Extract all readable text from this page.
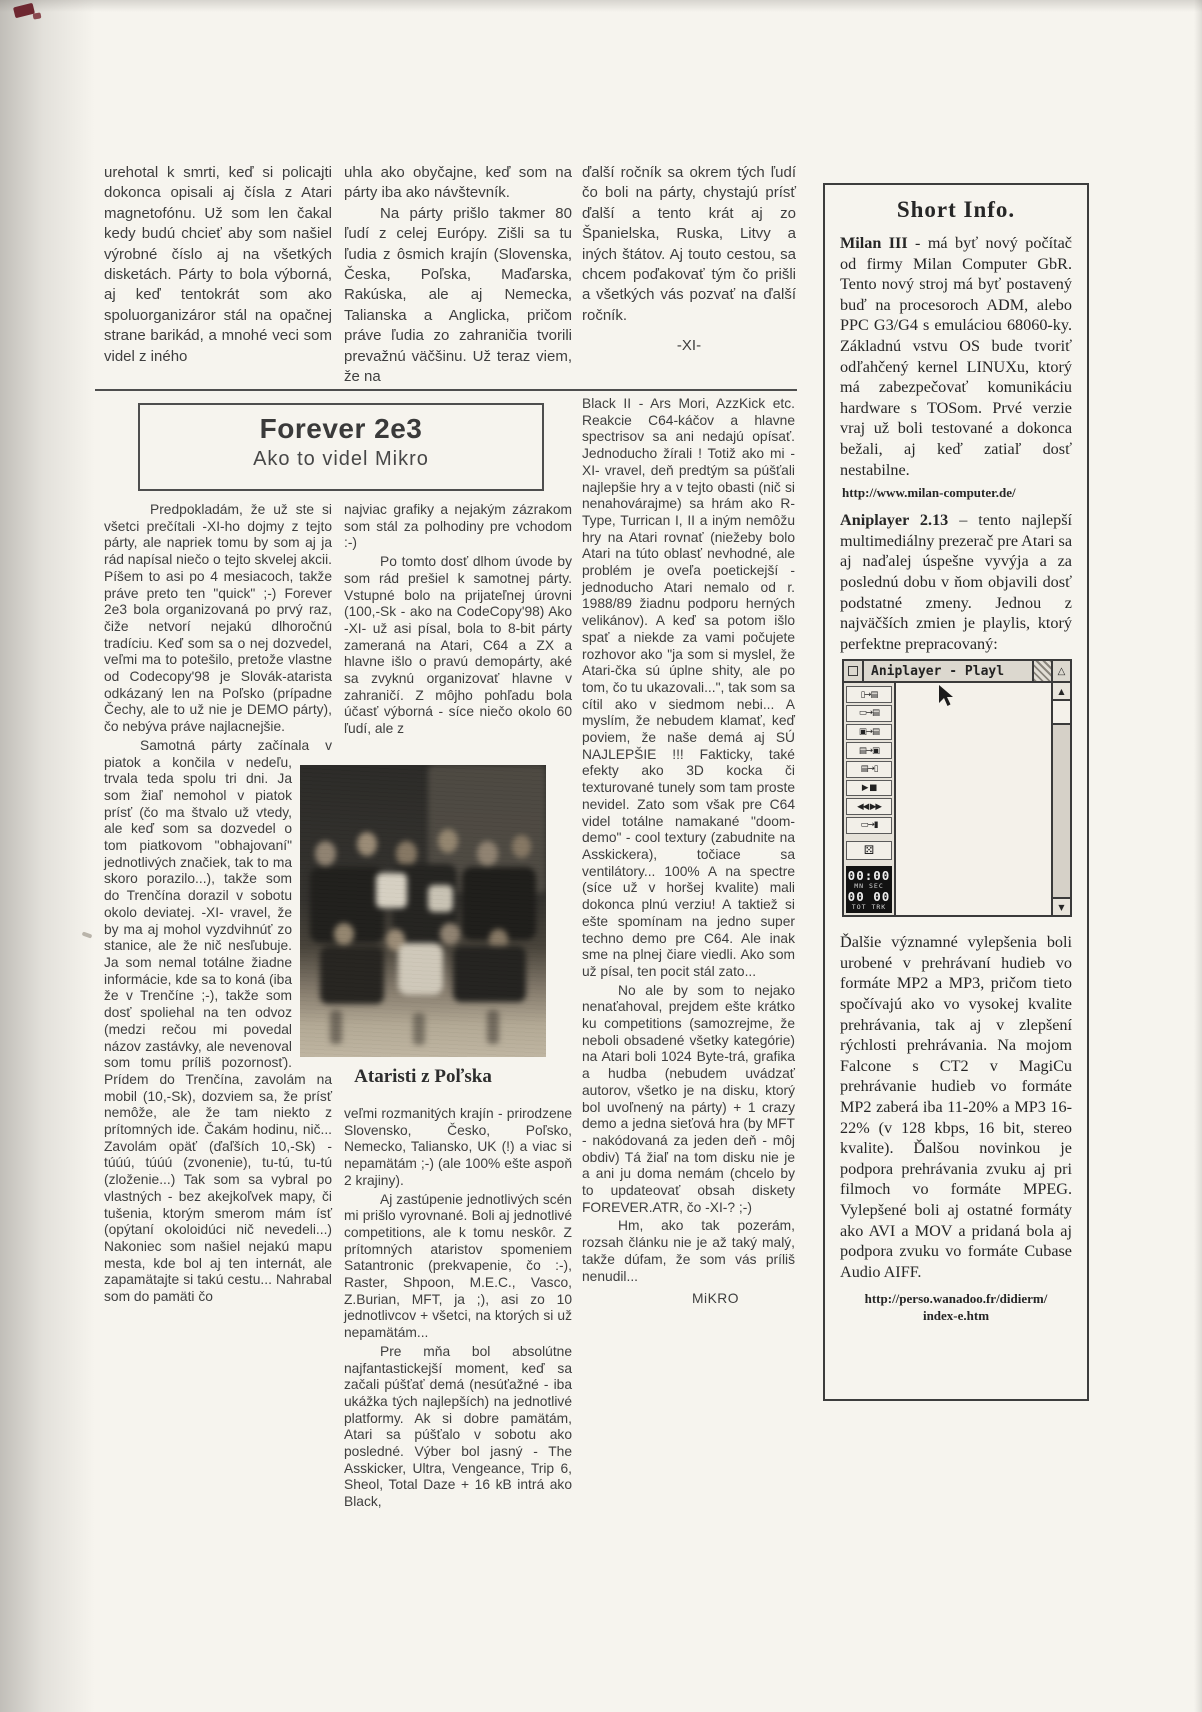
urehotal k smrti, keď si policajti dokonca opisali aj čísla z Atari magnetofónu. Už som len čakal kedy budú chcieť aby som našiel výrobné číslo aj na všetkých disketách. Párty to bola výborná, aj keď tentokrát som ako spoluorganizáror stál na opačnej strane barikád, a mnohé veci som videl z iného

uhla ako obyčajne, keď som na párty iba ako návštevník.

Na párty prišlo takmer 80 ľudí z celej Európy. Zišli sa tu ľudia z ôsmich krajín (Slovenska, Česka, Poľska, Maďarska, Rakúska, ale aj Nemecka, Talianska a Anglicka, pričom práve ľudia zo zahraničia tvorili prevažnú väčšinu. Už teraz viem, že na

ďalší ročník sa okrem tých ľudí čo boli na párty, chystajú prísť ďalší a tento krát aj zo Španielska, Ruska, Litvy a iných štátov. Aj touto cestou, sa chcem poďakovať tým čo prišli a všetkých vás pozvať na ďalší ročník.

-XI-

Forever 2e3
Ako to videl Mikro

Predpokladám, že už ste si všetci prečítali -XI-ho dojmy z tejto párty, ale napriek tomu by som aj ja rád napísal niečo o tejto skvelej akcii. Píšem to asi po 4 mesiacoch, takže práve preto ten "quick" ;-) Forever 2e3 bola organizovaná po prvý raz, čiže netvorí nejakú dlhoročnú tradíciu. Keď som sa o nej dozvedel, veľmi ma to potešilo, pretože vlastne od Codecopy'98 je Slovák-atarista odkázaný len na Poľsko (prípadne Čechy, ale to už nie je DEMO párty), čo nebýva práve najlacnejšie.

Samotná párty začínala v piatok a končila v nedeľu, trvala teda spolu tri dni. Ja som žiaľ nemohol v piatok prísť (čo ma štvalo už vtedy, ale keď som sa dozvedel o tom piatkovom "obhajovaní" jednotlivých značiek, tak to ma skoro porazilo...), takže som do Trenčína dorazil v sobotu okolo deviatej. -XI- vravel, že by ma aj mohol vyzdvihnúť zo stanice, ale že nič nesľubuje. Ja som nemal totálne žiadne informácie, kde sa to koná (iba že v Trenčíne ;-), takže som dosť spoliehal na ten odvoz (medzi rečou mi povedal názov zastávky, ale nevenoval som tomu príliš pozornosť). Prídem do Trenčína, zavolám na mobil (10,-Sk), dozviem sa, že prísť nemôže, ale že tam niekto z prítomných ide. Čakám hodinu, nič... Zavolám opäť (ďaľších 10,-Sk) - túúú, túúú (zvonenie), tu-tú, tu-tú (zloženie...) Tak som sa vybral po vlastných - bez akejkoľvek mapy, či tušenia, ktorým smerom mám ísť (opýtaní okoloidúci nič nevedeli...) Nakoniec som našiel nejakú mapu mesta, kde bol aj ten internát, ale zapamätajte si takú cestu... Nahrabal som do pamäti čo

najviac grafiky a nejakým zázrakom som stál za polhodiny pre vchodom :-)

Po tomto dosť dlhom úvode by som rád prešiel k samotnej párty. Vstupné bolo na prijateľnej úrovni (100,-Sk - ako na CodeCopy'98) Ako -XI- už asi písal, bola to 8-bit párty zameraná na Atari, C64 a ZX a hlavne išlo o pravú demopárty, aké sa zvyknú organizovať hlavne v zahraničí. Z môjho pohľadu bola účasť výborná - síce niečo okolo 60 ľudí, ale z

Ataristi z Poľska

veľmi rozmanitých krajín - prirodzene Slovensko, Česko, Poľsko, Nemecko, Taliansko, UK (!) a viac si nepamätám ;-) (ale 100% ešte aspoň 2 krajiny).

Aj zastúpenie jednotlivých scén mi prišlo vyrovnané. Boli aj jednotlivé competitions, ale k tomu neskôr. Z prítomných ataristov spomeniem Satantronic (prekvapenie, čo :-), Raster, Shpoon, M.E.C., Vasco, Z.Burian, MFT, ja ;), asi zo 10 jednotlivcov + všetci, na ktorých si už nepamätám...

Pre mňa bol absolútne najfantastickejší moment, keď sa začali púšťať demá (nesúťažné - iba ukážka tých najlepších) na jednotlivé platformy. Ak si dobre pamätám, Atari sa púšťalo v sobotu ako posledné. Výber bol jasný - The Asskicker, Ultra, Vengeance, Trip 6, Sheol, Total Daze + 16 kB intrá ako Black,

Black II - Ars Mori, AzzKick etc. Reakcie C64-káčov a hlavne spectrisov sa ani nedajú opísať. Jednoducho žírali ! Totiž ako mi -XI- vravel, deň predtým sa púšťali najlepšie hry a v tejto obasti (nič si nenahovárajme) sa hrám ako R-Type, Turrican I, II a iným nemôžu hry na Atari rovnať (niežeby bolo Atari na túto oblasť nevhodné, ale problém je oveľa poetickejší - jednoducho Atari nemalo od r. 1988/89 žiadnu podporu herných velikánov). A keď sa potom išlo spať a niekde za vami počujete rozhovor ako "ja som si myslel, že Atari-čka sú úplne shity, ale po tom, čo tu ukazovali...", tak som sa cítil ako v siedmom nebi... A myslím, že nebudem klamať, keď poviem, že naše demá aj SÚ NAJLEPŠIE !!! Fakticky, také efekty ako 3D kocka či texturované tunely som tam proste nevidel. Zato som však pre C64 videl totálne namakané "doom-demo" - cool textury (zabudnite na Asskickera), točiace sa ventilátory... 100% A na spectre (síce už v horšej kvalite) mali dokonca plnú verziu! A taktiež si ešte spomínam na jedno super techno demo pre C64. Ale inak sme na plnej čiare viedli. Ako som už písal, ten pocit stál zato...

No ale by som to nejako nenaťahoval, prejdem ešte krátko ku competitions (samozrejme, že neboli obsadené všetky kategórie) na Atari boli 1024 Byte-trá, grafika a hudba (nebudem uvádzať autorov, všetko je na disku, ktorý bol uvoľnený na párty) + 1 crazy demo a jedna sieťová hra (by MFT - nakódovaná za jeden deň - môj obdiv) Tá žiaľ na tom disku nie je a ani ju doma nemám (chcelo by to updateovať obsah diskety FOREVER.ATR, čo -XI-? ;-)

Hm, ako tak pozerám, rozsah článku nie je až taký malý, takže dúfam, že som vás príliš nenudil...

MiKRO

Short Info.

Milan III - má byť nový počítač od firmy Milan Computer GbR. Tento nový stroj má byť postavený buď na procesoroch ADM, alebo PPC G3/G4 s emuláciou 68060-ky. Základnú vstvu OS bude tvoriť odľahčený kernel LINUXu, ktorý má zabezpečovať komunikáciu hardware s TOSom. Prvé verzie vraj už boli testované a dokonca bežali, aj keď zatiaľ dosť nestabilne.

http://www.milan-computer.de/

Aniplayer 2.13 – tento najlepší multimediálny prezerač pre Atari sa aj naďalej úspešne vyvýja a za poslednú dobu v ňom objavili dosť podstatné zmeny. Jednou z najväčších zmien je playlis, ktorý perfektne prepracovaný:

Aniplayer - Playl	△
▯→▤
▭→▤
▣→▤
▤→▣
▤→▯
▶ ■
◀◀ ▶▶
▭→▮
⚄
00:00
MN SEC
00 00
TOT TRK
▲
▼

Ďalšie významné vylepšenia boli urobené v prehrávaní hudieb vo formáte MP2 a MP3, pričom tieto spočívajú ako vo vysokej kvalite prehrávania, tak aj v zlepšení rýchlosti prehrávania. Na mojom Falcone s CT2 v MagiCu prehrávanie hudieb vo formáte MP2 zaberá iba 11-20% a MP3 16-22% (v 128 kbps, 16 bit, stereo kvalite). Ďalšou novinkou je podpora prehrávania zvuku aj pri filmoch vo formáte MPEG. Vylepšené boli aj ostatné formáty ako AVI a MOV a pridaná bola aj podpora zvuku vo formáte Cubase Audio AIFF.

http://perso.wanadoo.fr/didierm/
index-e.htm
